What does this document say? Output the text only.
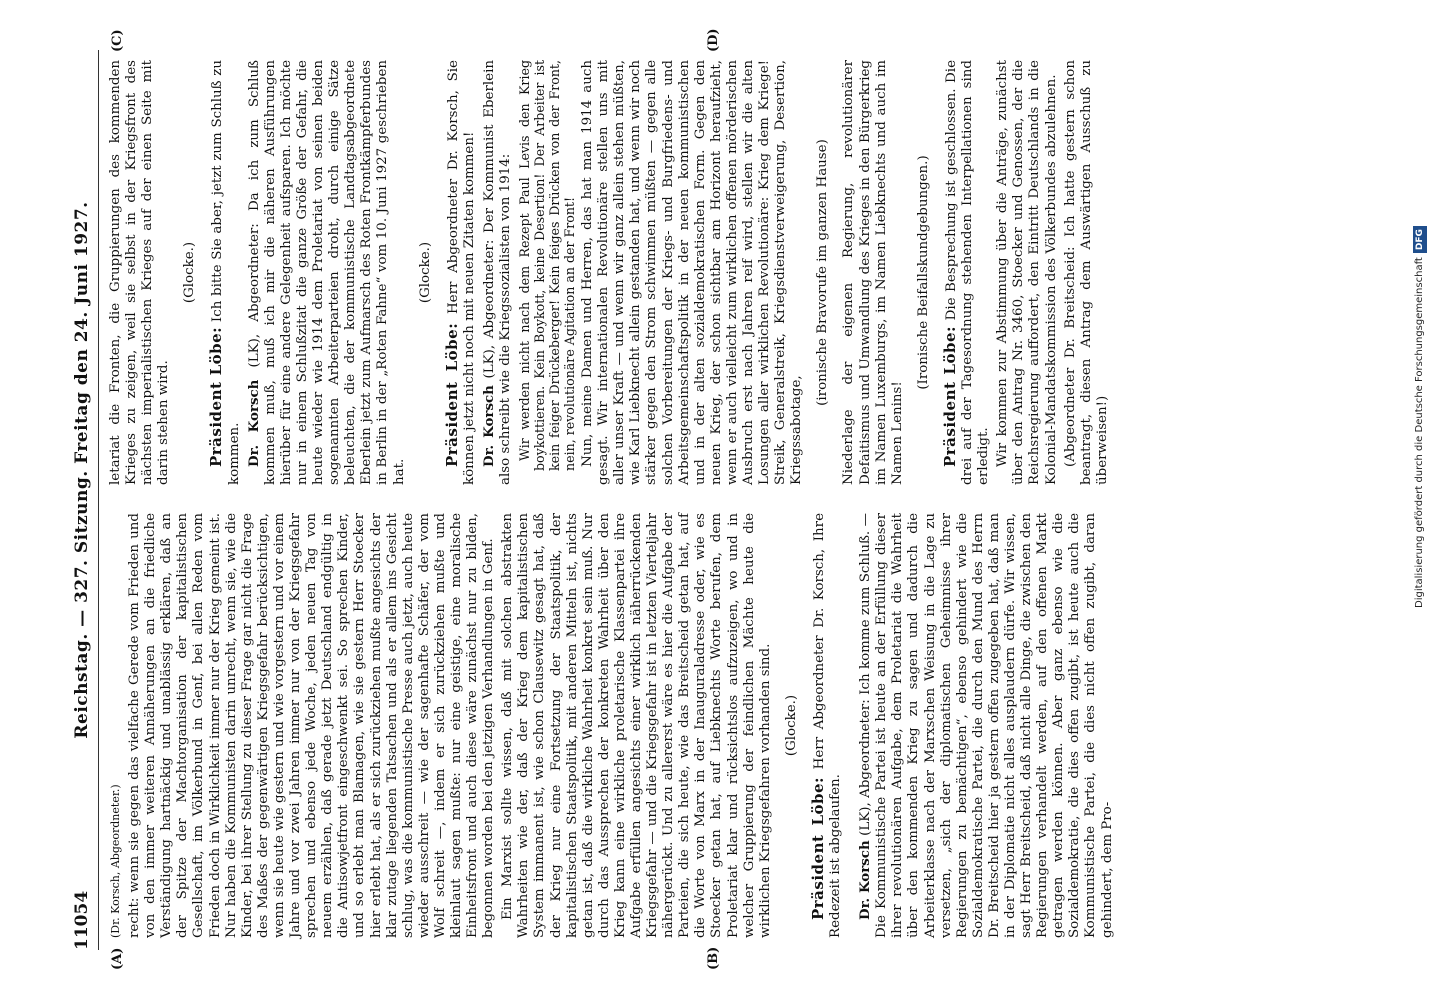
11054
Reichstag. — 327. Sitzung. Freitag den 24. Juni 1927.
(A)	(B)
(C)	(D)

(Dr. Korsch, Abgeordneter.) recht: wenn sie gegen das vielfache Gerede vom Frieden und von den immer weiteren Annäherungen an die friedliche Verständigung hartnäckig und unablässig erklären, daß an der Spitze der Machtorganisation der kapitalistischen Gesellschaft, im Völkerbund in Genf, bei allen Reden vom Frieden doch in Wirklichkeit immer nur der Krieg gemeint ist. Nur haben die Kommunisten darin unrecht, wenn sie, wie die Kinder, bei ihrer Stellung zu dieser Frage gar nicht die Frage des Maßes der gegenwärtigen Kriegsgefahr berücksichtigen, wenn sie heute wie gestern und wie vorgestern und vor einem Jahre und vor zwei Jahren immer nur von der Kriegsgefahr sprechen und ebenso jede Woche, jeden neuen Tag von neuem erzählen, daß gerade jetzt Deutschland endgültig in die Antisowjetfront eingeschwenkt sei. So sprechen Kinder, und so erlebt man Blamagen, wie sie gestern Herr Stoecker hier erlebt hat, als er sich zurückziehen mußte angesichts der klar zutage liegenden Tatsachen und als er allem ins Gesicht schlug, was die kommunistische Presse auch jetzt, auch heute wieder ausschreit — wie der sagenhafte Schäfer, der vom Wolf schreit —, indem er sich zurückziehen mußte und kleinlaut sagen mußte: nur eine geistige, eine moralische Einheitsfront und auch diese wäre zunächst nur zu bilden, begonnen worden bei den jetzigen Verhandlungen in Genf. Ein Marxist sollte wissen, daß mit solchen abstrakten Wahrheiten wie der, daß der Krieg dem kapitalistischen System immanent ist, wie schon Clausewitz gesagt hat, daß der Krieg nur eine Fortsetzung der Staatspolitik, der kapitalistischen Staatspolitik, mit anderen Mitteln ist, nichts getan ist, daß die wirkliche Wahrheit konkret sein muß. Nur durch das Aussprechen der konkreten Wahrheit über den Krieg kann eine wirkliche proletarische Klassenpartei ihre Aufgabe erfüllen angesichts einer wirklich näherrückenden Kriegsgefahr — und die Kriegsgefahr ist in letzten Vierteljahr nähergerückt. Und zu allererst wäre es hier die Aufgabe der Parteien, die sich heute, wie das Breitscheid getan hat, auf die Worte von Marx in der Inauguraladresse oder, wie es Stoecker getan hat, auf Liebknechts Worte berufen, dem Proletariat klar und rücksichtslos aufzuzeigen, wo und in welcher Gruppierung der feindlichen Mächte heute die wirklichen Kriegsgefahren vorhanden sind. (Glocke.)

Präsident Löbe: Herr Abgeordneter Dr. Korsch, Ihre Redezeit ist abgelaufen. Dr. Korsch (LK), Abgeordneter: Ich komme zum Schluß. — Die Kommunistische Partei ist heute an der Erfüllung dieser ihrer revolutionären Aufgabe, dem Proletariat die Wahrheit über den kommenden Krieg zu sagen und dadurch die Arbeiterklasse nach der Marxschen Weisung in die Lage zu versetzen, „sich der diplomatischen Geheimnisse ihrer Regierungen zu bemächtigen“, ebenso gehindert wie die Sozialdemokratische Partei, die durch den Mund des Herrn Dr. Breitscheid hier ja gestern offen zugegeben hat, daß man in der Diplomatie nicht alles ausplaudern dürfe. Wir wissen, sagt Herr Breitscheid, daß nicht alle Dinge, die zwischen den Regierungen verhandelt werden, auf den offenen Markt getragen werden können. Aber ganz ebenso wie die Sozialdemokratie, die dies offen zugibt, ist heute auch die Kommunistische Partei, die dies nicht offen zugibt, daran gehindert, dem Pro-

letariat die Fronten, die Gruppierungen des kommenden Krieges zu zeigen, weil sie selbst in der Kriegsfront des nächsten imperialistischen Krieges auf der einen Seite mit darin stehen wird.

(Glocke.)

Präsident Löbe: Ich bitte Sie aber, jetzt zum Schluß zu kommen. Dr. Korsch (LK), Abgeordneter: Da ich zum Schluß kommen muß, muß ich mir die näheren Ausführungen hierüber für eine andere Gelegenheit aufsparen. Ich möchte nur in einem Schlußzitat die ganze Größe der Gefahr, die heute wieder wie 1914 dem Proletariat von seinen beiden sogenannten Arbeiterparteien droht, durch einige Sätze beleuchten, die der kommunistische Landtagsabgeordnete Eberlein jetzt zum Aufmarsch des Roten Frontkämpferbundes in Berlin in der „Roten Fahne“ vom 10. Juni 1927 geschrieben hat.

(Glocke.)

Präsident Löbe: Herr Abgeordneter Dr. Korsch, Sie können jetzt nicht noch mit neuen Zitaten kommen! Dr. Korsch (LK), Abgeordneter: Der Kommunist Eberlein also schreibt wie die Kriegssozialisten von 1914: Wir werden nicht nach dem Rezept Paul Levis den Krieg boykottieren. Kein Boykott, keine Desertion! Der Arbeiter ist kein feiger Drückeberger! Kein feiges Drücken von der Front, nein, revolutionäre Agitation an der Front! Nun, meine Damen und Herren, das hat man 1914 auch gesagt. Wir internationalen Revolutionäre stellen uns mit aller unser Kraft — und wenn wir ganz allein stehen müßten, wie Karl Liebknecht allein gestanden hat, und wenn wir noch stärker gegen den Strom schwimmen müßten — gegen alle solchen Vorbereitungen der Kriegs- und Burgfriedens- und Arbeitsgemeinschaftspolitik in der neuen kommunistischen und in der alten sozialdemokratischen Form. Gegen den neuen Krieg, der schon sichtbar am Horizont heraufzieht, wenn er auch vielleicht zum wirklichen offenen mörderischen Ausbruch erst nach Jahren reif wird, stellen wir die alten Losungen aller wirklichen Revolutionäre: Krieg dem Kriege! Streik, Generalstreik, Kriegsdienstverweigerung, Desertion, Kriegssabotage,

(ironische Bravorufe im ganzen Hause) Niederlage der eigenen Regierung, revolutionärer Defaitismus und Umwandlung des Krieges in den Bürgerkrieg im Namen Luxemburgs, im Namen Liebknechts und auch im Namen Lenins!

(Ironische Beifallskundgebungen.)

Präsident Löbe: Die Besprechung ist geschlossen. Die drei auf der Tagesordnung stehenden Interpellationen sind erledigt. Wir kommen zur Abstimmung über die Anträge, zunächst über den Antrag Nr. 3460, Stoecker und Genossen, der die Reichsregierung auffordert, den Eintritt Deutschlands in die Kolonial-Mandatskommission des Völkerbundes abzulehnen. (Abgeordneter Dr. Breitscheid: Ich hatte gestern schon beantragt, diesen Antrag dem Auswärtigen Ausschuß zu überweisen!)	Digitalisierung gefördert durch die Deutsche ForschungsgemeinschaftDFG
